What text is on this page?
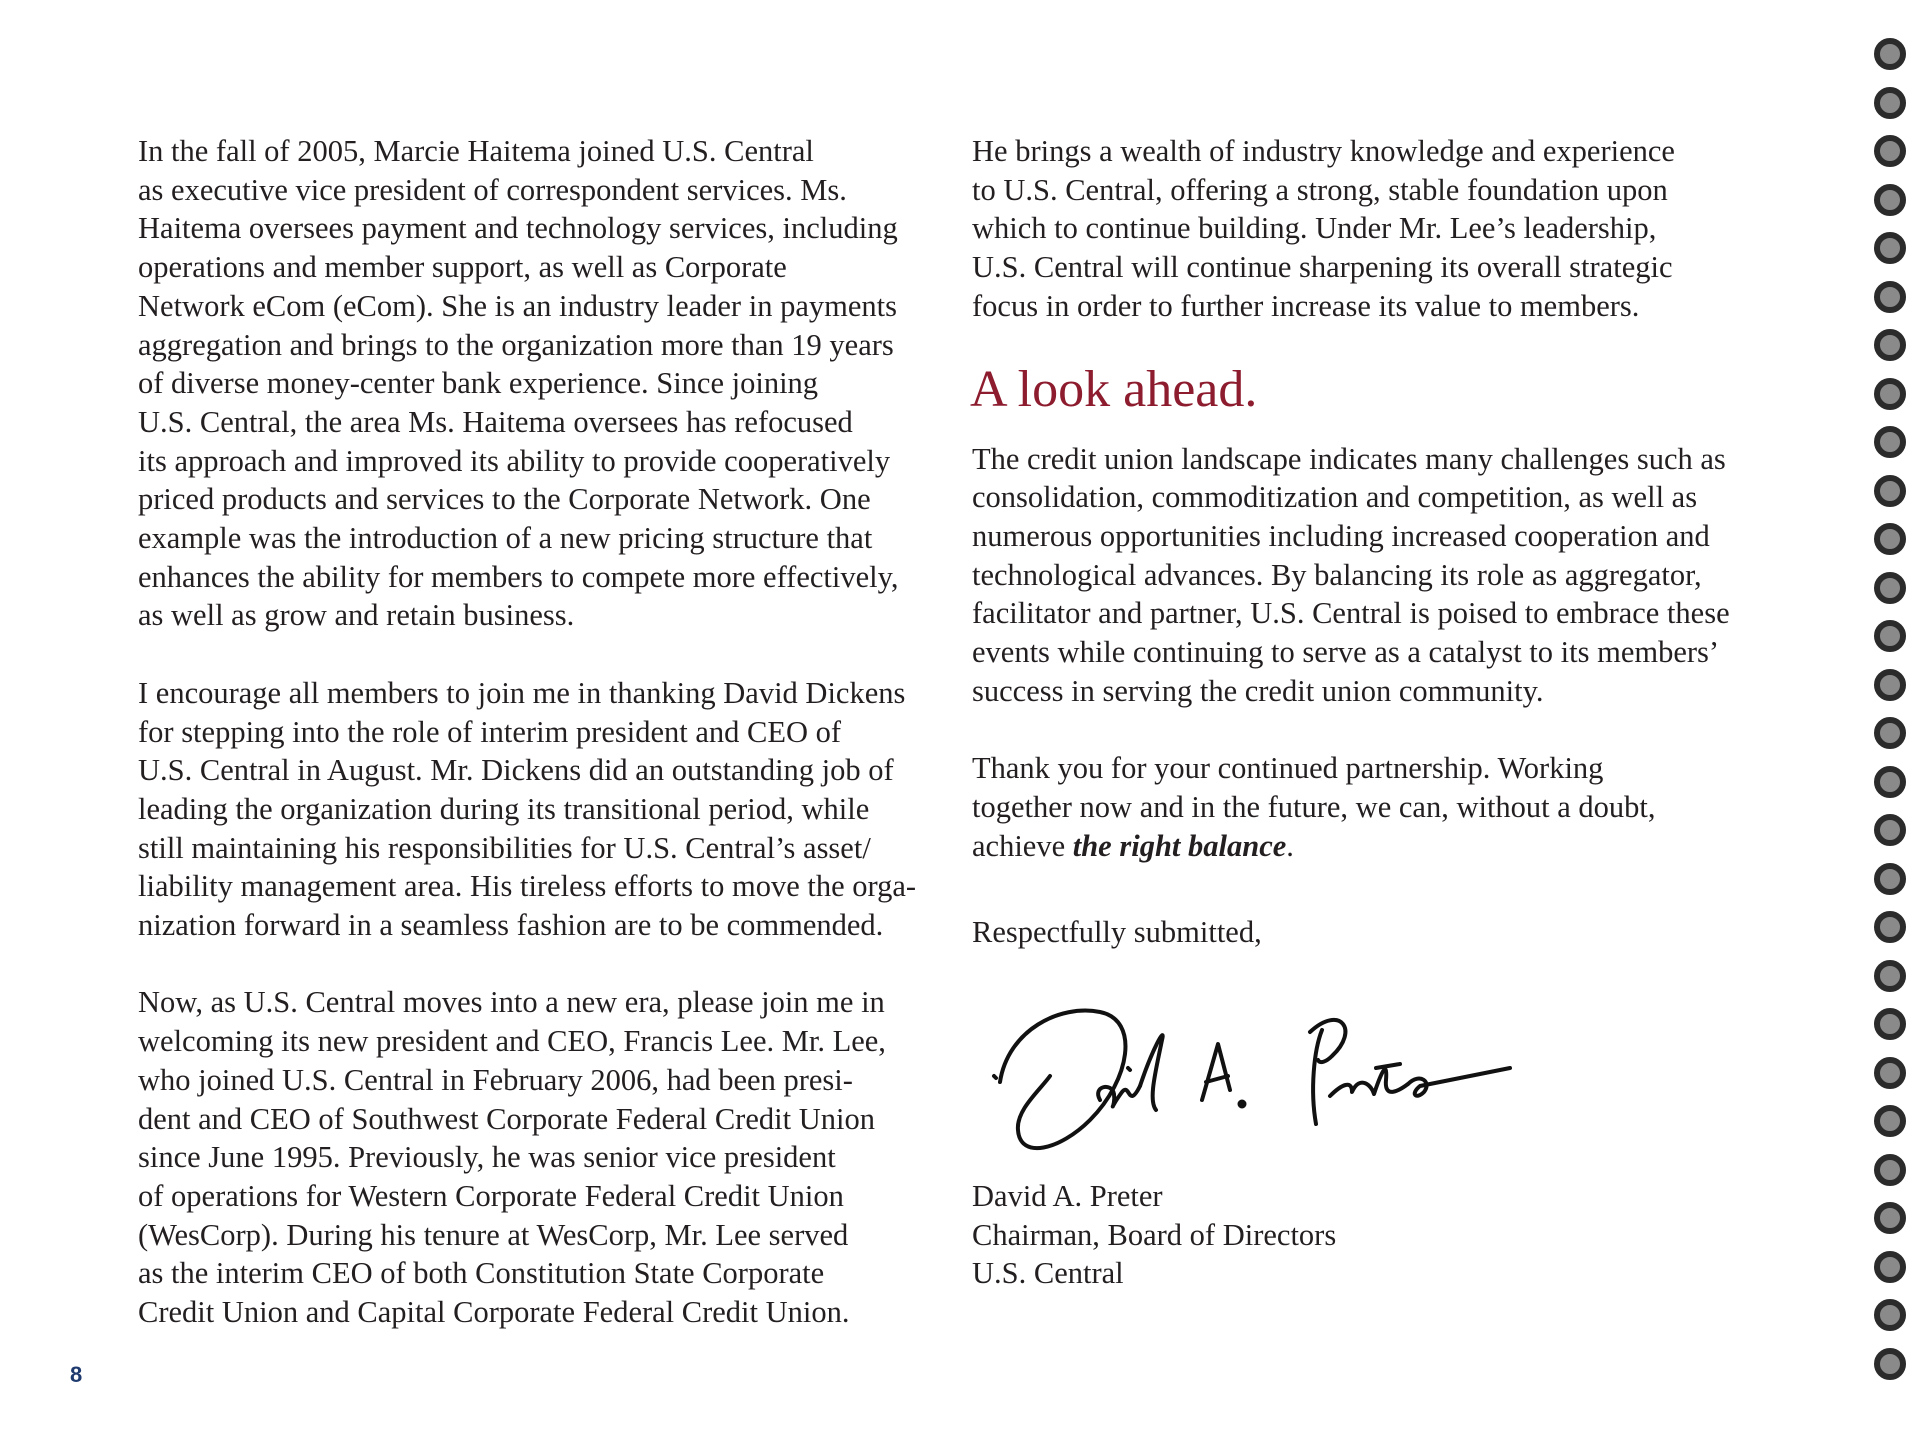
In the fall of 2005, Marcie Haitema joined U.S. Central
as executive vice president of correspondent services. Ms.
Haitema oversees payment and technology services, including
operations and member support, as well as Corporate
Network eCom (eCom). She is an industry leader in payments
aggregation and brings to the organization more than 19 years
of diverse money-center bank experience. Since joining
U.S. Central, the area Ms. Haitema oversees has refocused
its approach and improved its ability to provide cooperatively
priced products and services to the Corporate Network. One
example was the introduction of a new pricing structure that
enhances the ability for members to compete more effectively,
as well as grow and retain business.

I encourage all members to join me in thanking David Dickens
for stepping into the role of interim president and CEO of
U.S. Central in August. Mr. Dickens did an outstanding job of
leading the organization during its transitional period, while
still maintaining his responsibilities for U.S. Central’s asset/
liability management area. His tireless efforts to move the orga-
nization forward in a seamless fashion are to be commended.

Now, as U.S. Central moves into a new era, please join me in
welcoming its new president and CEO, Francis Lee. Mr. Lee,
who joined U.S. Central in February 2006, had been presi-
dent and CEO of Southwest Corporate Federal Credit Union
since June 1995. Previously, he was senior vice president
of operations for Western Corporate Federal Credit Union
(WesCorp). During his tenure at WesCorp, Mr. Lee served
as the interim CEO of both Constitution State Corporate
Credit Union and Capital Corporate Federal Credit Union.

He brings a wealth of industry knowledge and experience
to U.S. Central, offering a strong, stable foundation upon
which to continue building. Under Mr. Lee’s leadership,
U.S. Central will continue sharpening its overall strategic
focus in order to further increase its value to members.

A look ahead.

The credit union landscape indicates many challenges such as
consolidation, commoditization and competition, as well as
numerous opportunities including increased cooperation and
technological advances. By balancing its role as aggregator,
facilitator and partner, U.S. Central is poised to embrace these
events while continuing to serve as a catalyst to its members’
success in serving the credit union community.

Thank you for your continued partnership. Working
together now and in the future, we can, without a doubt,
achieve the right balance.

Respectfully submitted,

David A. Preter
Chairman, Board of Directors
U.S. Central
8
